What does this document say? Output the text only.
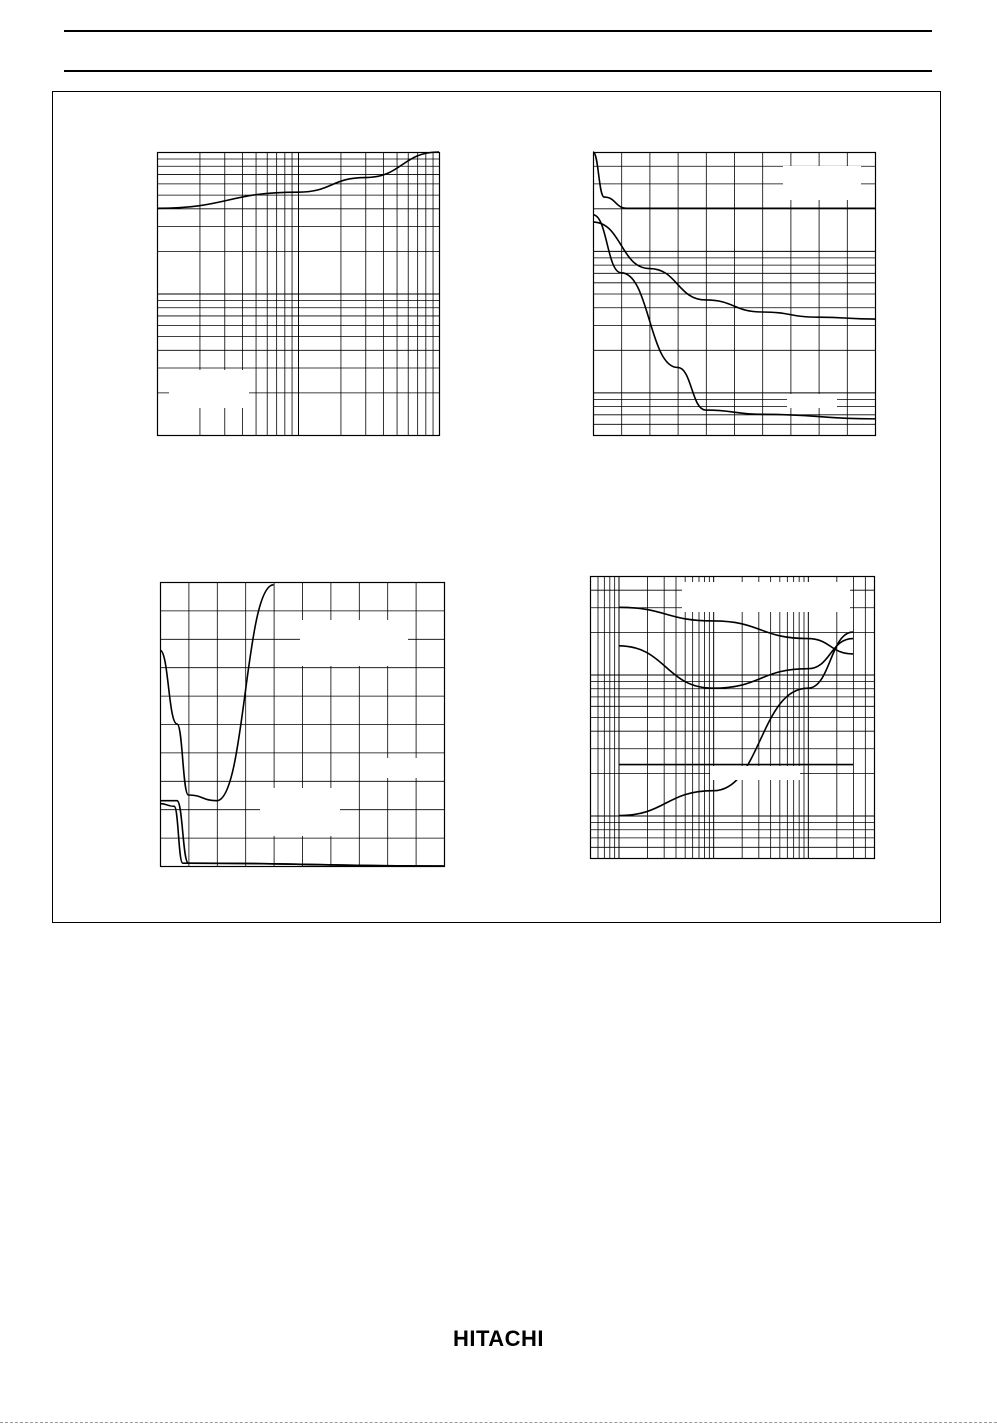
HITACHI
